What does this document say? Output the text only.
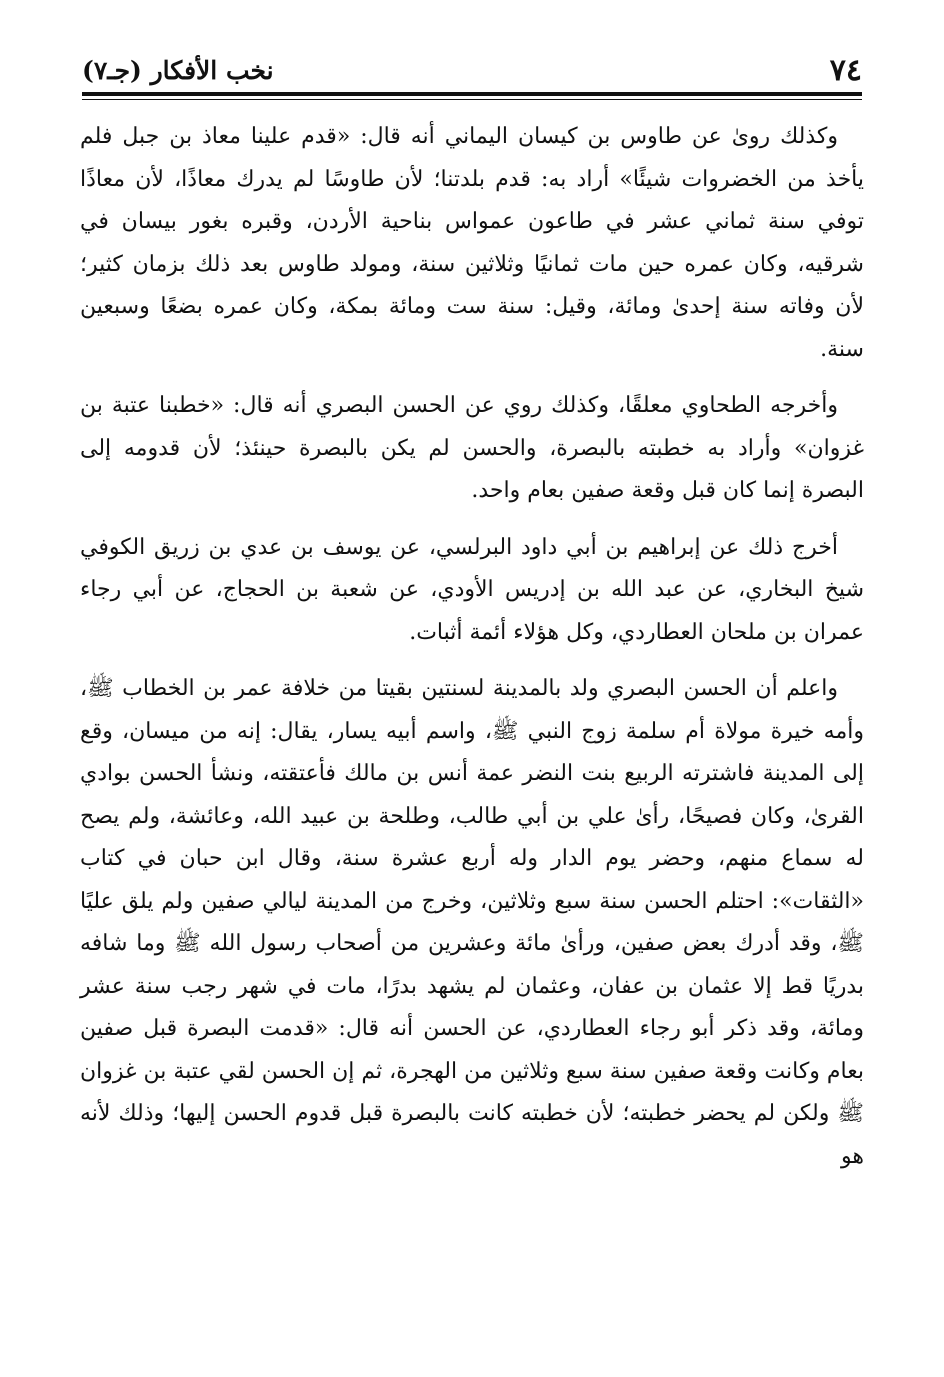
٧٤
نخب الأفكار (جـ٧)

وكذلك روىٰ عن طاوس بن كيسان اليماني أنه قال: «قدم علينا معاذ بن جبل فلم يأخذ من الخضروات شيئًا» أراد به: قدم بلدتنا؛ لأن طاوسًا لم يدرك معاذًا، لأن معاذًا توفي سنة ثماني عشر في طاعون عمواس بناحية الأردن، وقبره بغور بيسان في شرقيه، وكان عمره حين مات ثمانيًا وثلاثين سنة، ومولد طاوس بعد ذلك بزمان كثير؛ لأن وفاته سنة إحدىٰ ومائة، وقيل: سنة ست ومائة بمكة، وكان عمره بضعًا وسبعين سنة.

وأخرجه الطحاوي معلقًا، وكذلك روي عن الحسن البصري أنه قال: «خطبنا عتبة بن غزوان» وأراد به خطبته بالبصرة، والحسن لم يكن بالبصرة حينئذ؛ لأن قدومه إلى البصرة إنما كان قبل وقعة صفين بعام واحد.

أخرج ذلك عن إبراهيم بن أبي داود البرلسي، عن يوسف بن عدي بن زريق الكوفي شيخ البخاري، عن عبد الله بن إدريس الأودي، عن شعبة بن الحجاج، عن أبي رجاء عمران بن ملحان العطاردي، وكل هؤلاء أئمة أثبات.

واعلم أن الحسن البصري ولد بالمدينة لسنتين بقيتا من خلافة عمر بن الخطاب ﷺ، وأمه خيرة مولاة أم سلمة زوج النبي ﷺ، واسم أبيه يسار، يقال: إنه من ميسان، وقع إلى المدينة فاشترته الربيع بنت النضر عمة أنس بن مالك فأعتقته، ونشأ الحسن بوادي القرىٰ، وكان فصيحًا، رأىٰ علي بن أبي طالب، وطلحة بن عبيد الله، وعائشة، ولم يصح له سماع منهم، وحضر يوم الدار وله أربع عشرة سنة، وقال ابن حبان في كتاب «الثقات»: احتلم الحسن سنة سبع وثلاثين، وخرج من المدينة ليالي صفين ولم يلق عليًا ﷺ، وقد أدرك بعض صفين، ورأىٰ مائة وعشرين من أصحاب رسول الله ﷺ وما شافه بدريًا قط إلا عثمان بن عفان، وعثمان لم يشهد بدرًا، مات في شهر رجب سنة عشر ومائة، وقد ذكر أبو رجاء العطاردي، عن الحسن أنه قال: «قدمت البصرة قبل صفين بعام وكانت وقعة صفين سنة سبع وثلاثين من الهجرة، ثم إن الحسن لقي عتبة بن غزوان ﷺ ولكن لم يحضر خطبته؛ لأن خطبته كانت بالبصرة قبل قدوم الحسن إليها؛ وذلك لأنه هو
